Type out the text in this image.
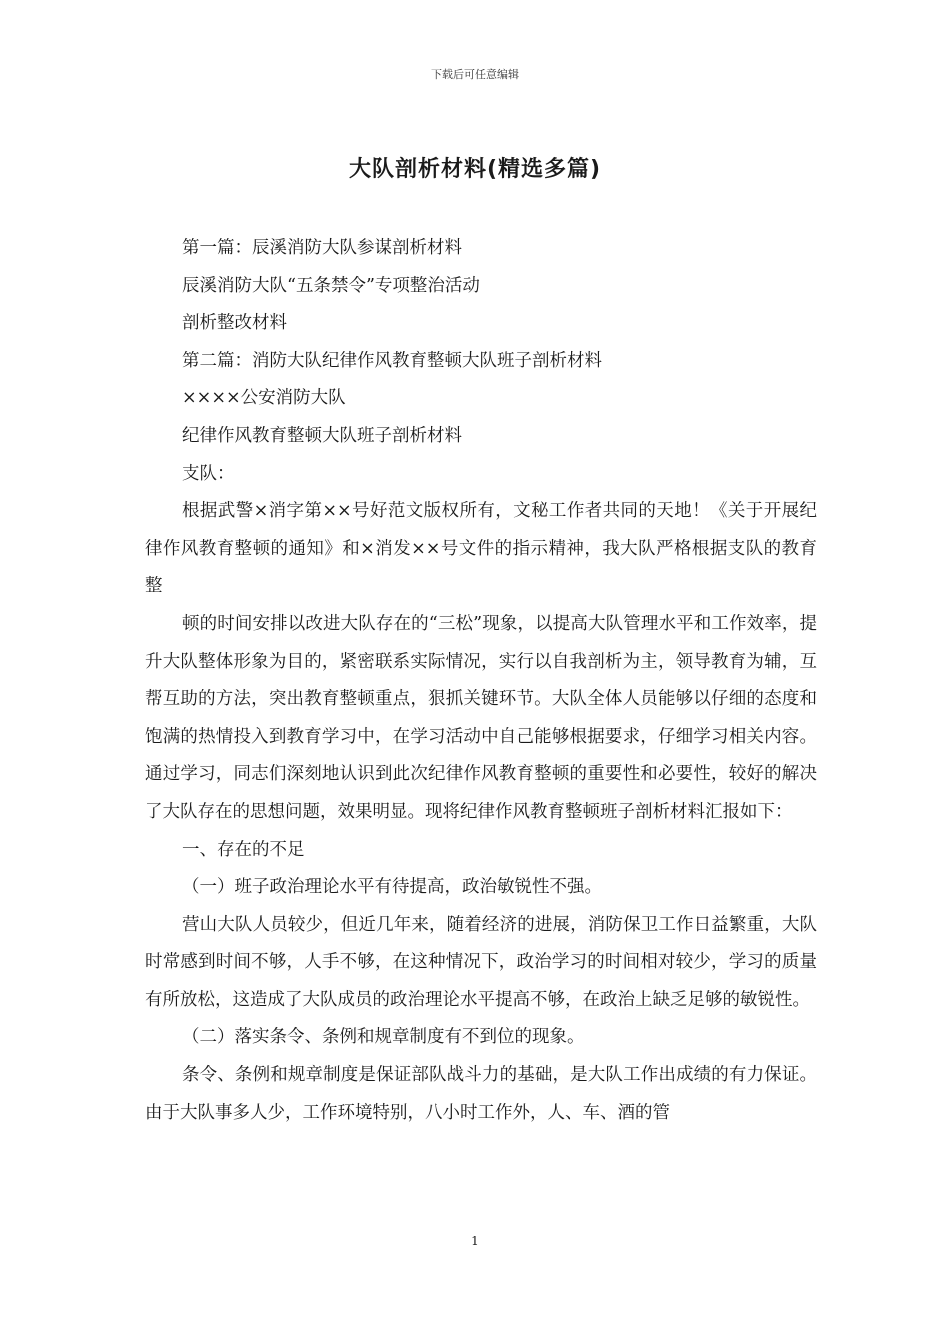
下载后可任意编辑
大队剖析材料(精选多篇)

第一篇：辰溪消防大队参谋剖析材料

辰溪消防大队“五条禁令”专项整治活动

剖析整改材料

第二篇：消防大队纪律作风教育整顿大队班子剖析材料

××××公安消防大队

纪律作风教育整顿大队班子剖析材料

支队：

根据武警×消字第××号好范文版权所有，文秘工作者共同的天地！《关于开展纪律作风教育整顿的通知》和×消发××号文件的指示精神，我大队严格根据支队的教育整

顿的时间安排以改进大队存在的“三松”现象，以提高大队管理水平和工作效率，提升大队整体形象为目的，紧密联系实际情况，实行以自我剖析为主，领导教育为辅，互帮互助的方法，突出教育整顿重点，狠抓关键环节。大队全体人员能够以仔细的态度和饱满的热情投入到教育学习中，在学习活动中自己能够根据要求，仔细学习相关内容。通过学习，同志们深刻地认识到此次纪律作风教育整顿的重要性和必要性，较好的解决了大队存在的思想问题，效果明显。现将纪律作风教育整顿班子剖析材料汇报如下：

一、存在的不足

（一）班子政治理论水平有待提高，政治敏锐性不强。

营山大队人员较少，但近几年来，随着经济的进展，消防保卫工作日益繁重，大队时常感到时间不够，人手不够，在这种情况下，政治学习的时间相对较少，学习的质量有所放松，这造成了大队成员的政治理论水平提高不够，在政治上缺乏足够的敏锐性。

（二）落实条令、条例和规章制度有不到位的现象。

条令、条例和规章制度是保证部队战斗力的基础，是大队工作出成绩的有力保证。由于大队事多人少，工作环境特别，八小时工作外，人、车、酒的管

1
